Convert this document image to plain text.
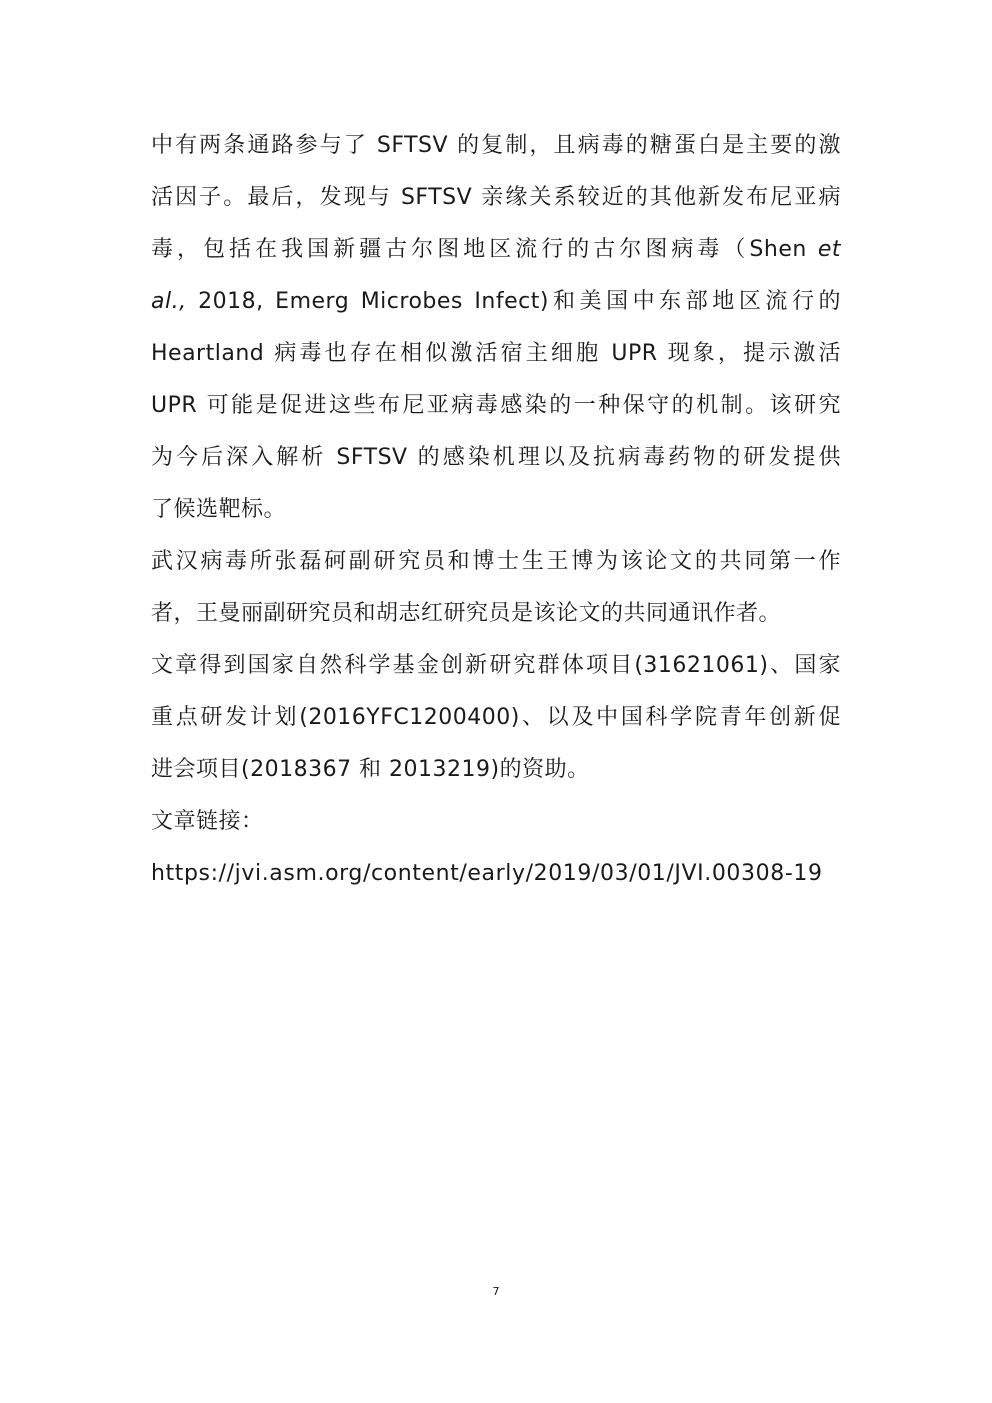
中有两条通路参与了 SFTSV 的复制，且病毒的糖蛋白是主要的激
活因子。最后，发现与 SFTSV 亲缘关系较近的其他新发布尼亚病
毒，包括在我国新疆古尔图地区流行的古尔图病毒（Shen et
al., 2018, Emerg Microbes Infect)和美国中东部地区流行的
Heartland 病毒也存在相似激活宿主细胞 UPR 现象，提示激活
UPR 可能是促进这些布尼亚病毒感染的一种保守的机制。该研究
为今后深入解析 SFTSV 的感染机理以及抗病毒药物的研发提供
了候选靶标。
武汉病毒所张磊砢副研究员和博士生王博为该论文的共同第一作
者，王曼丽副研究员和胡志红研究员是该论文的共同通讯作者。
文章得到国家自然科学基金创新研究群体项目(31621061)、国家
重点研发计划(2016YFC1200400)、以及中国科学院青年创新促
进会项目(2018367 和 2013219)的资助。
文章链接：
https://jvi.asm.org/content/early/2019/03/01/JVI.00308-19
7
